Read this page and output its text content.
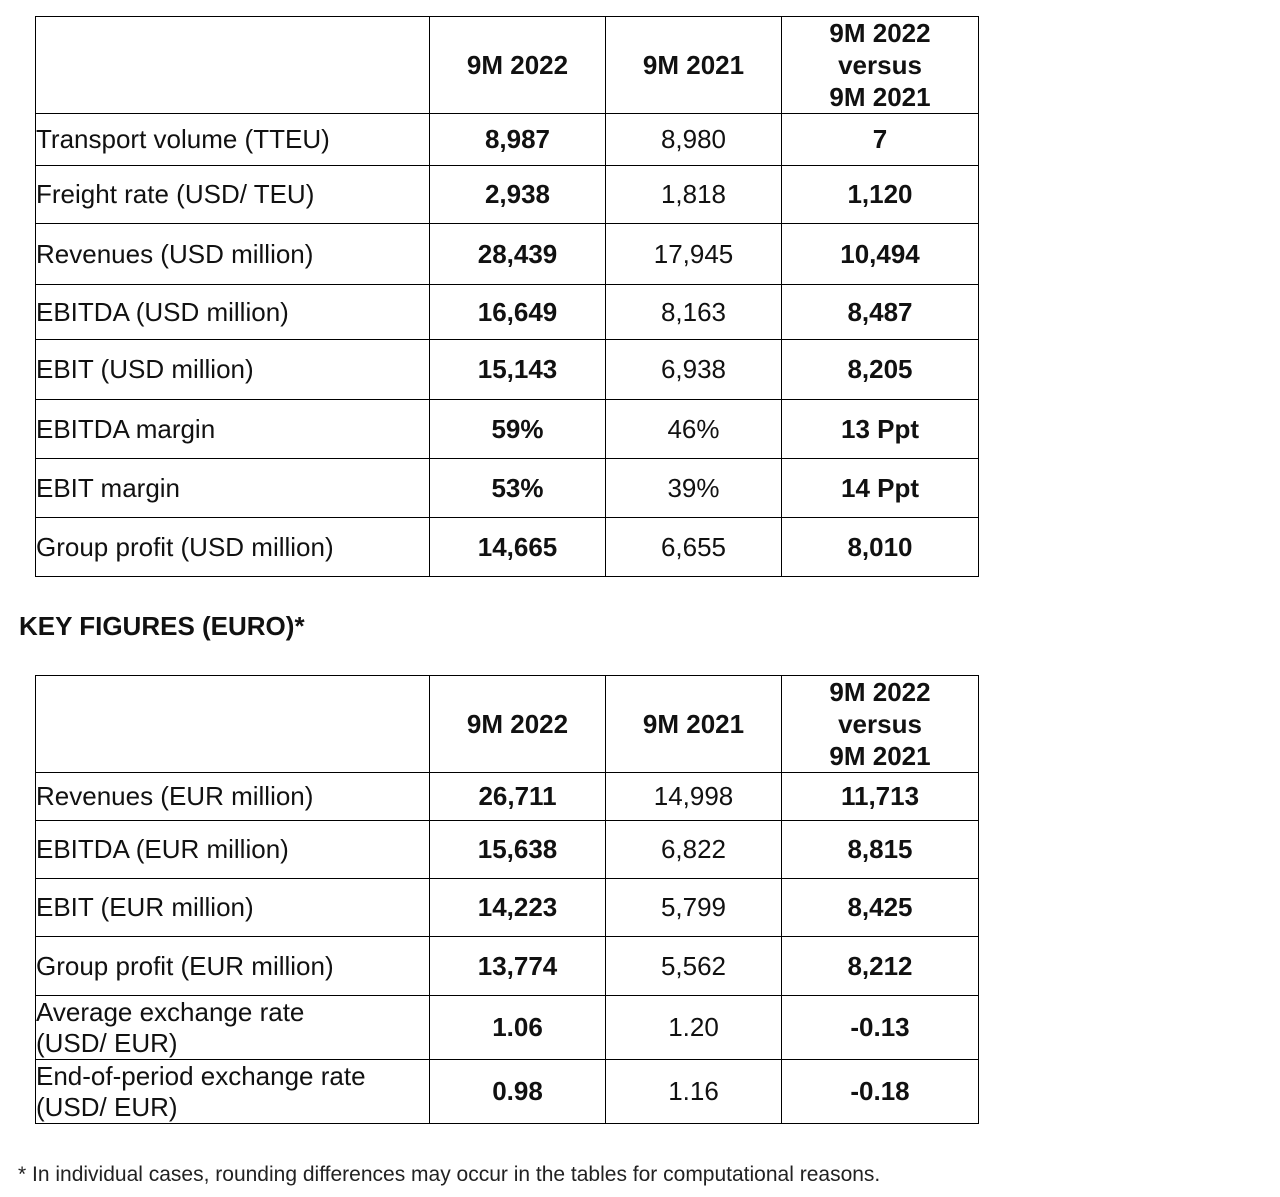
	9M 2022	9M 2021	9M 2022
versus
9M 2021
Transport volume (TTEU)	8,987	8,980	7
Freight rate (USD/ TEU)	2,938	1,818	1,120
Revenues (USD million)	28,439	17,945	10,494
EBITDA (USD million)	16,649	8,163	8,487
EBIT (USD million)	15,143	6,938	8,205
EBITDA margin	59%	46%	13 Ppt
EBIT margin	53%	39%	14 Ppt
Group profit (USD million)	14,665	6,655	8,010
KEY FIGURES (EURO)*
	9M 2022	9M 2021	9M 2022
versus
9M 2021
Revenues (EUR million)	26,711	14,998	11,713
EBITDA (EUR million)	15,638	6,822	8,815
EBIT (EUR million)	14,223	5,799	8,425
Group profit (EUR million)	13,774	5,562	8,212
Average exchange rate
(USD/ EUR)	1.06	1.20	-0.13
End-of-period exchange rate
(USD/ EUR)	0.98	1.16	-0.18

* In individual cases, rounding differences may occur in the tables for computational reasons.
